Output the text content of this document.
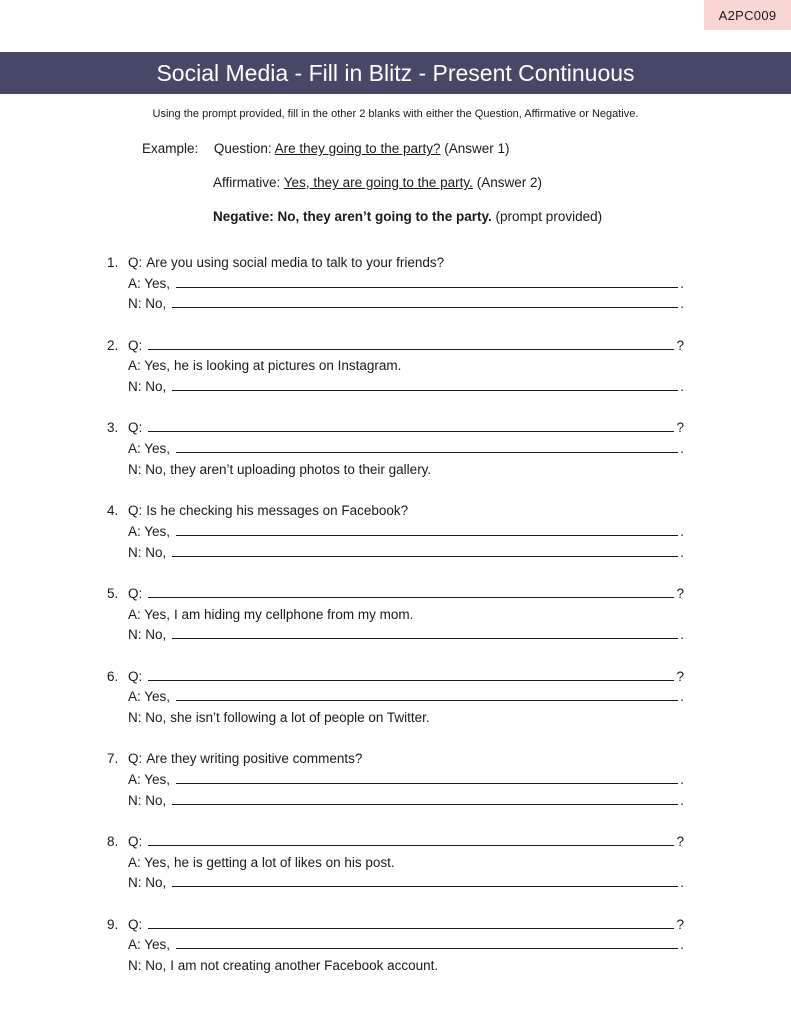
A2PC009
Social Media - Fill in Blitz - Present Continuous
Using the prompt provided, fill in the other 2 blanks with either the Question, Affirmative or Negative.
Example: Question: Are they going to the party? (Answer 1)
Affirmative: Yes, they are going to the party. (Answer 2)
Negative: No, they aren’t going to the party. (prompt provided)
1. Q: Are you using social media to talk to your friends?
A: Yes,	.
N: No,	.
2. Q:	?
A: Yes, he is looking at pictures on Instagram.
N: No,	.
3. Q:	?
A: Yes,	.
N: No, they aren’t uploading photos to their gallery.
4. Q: Is he checking his messages on Facebook?
A: Yes,	.
N: No,	.
5. Q:	?
A: Yes, I am hiding my cellphone from my mom.
N: No,	.
6. Q:	?
A: Yes,	.
N: No, she isn’t following a lot of people on Twitter.
7. Q: Are they writing positive comments?
A: Yes,	.
N: No,	.
8. Q:	?
A: Yes, he is getting a lot of likes on his post.
N: No,	.
9. Q:	?
A: Yes,	.
N: No, I am not creating another Facebook account.
